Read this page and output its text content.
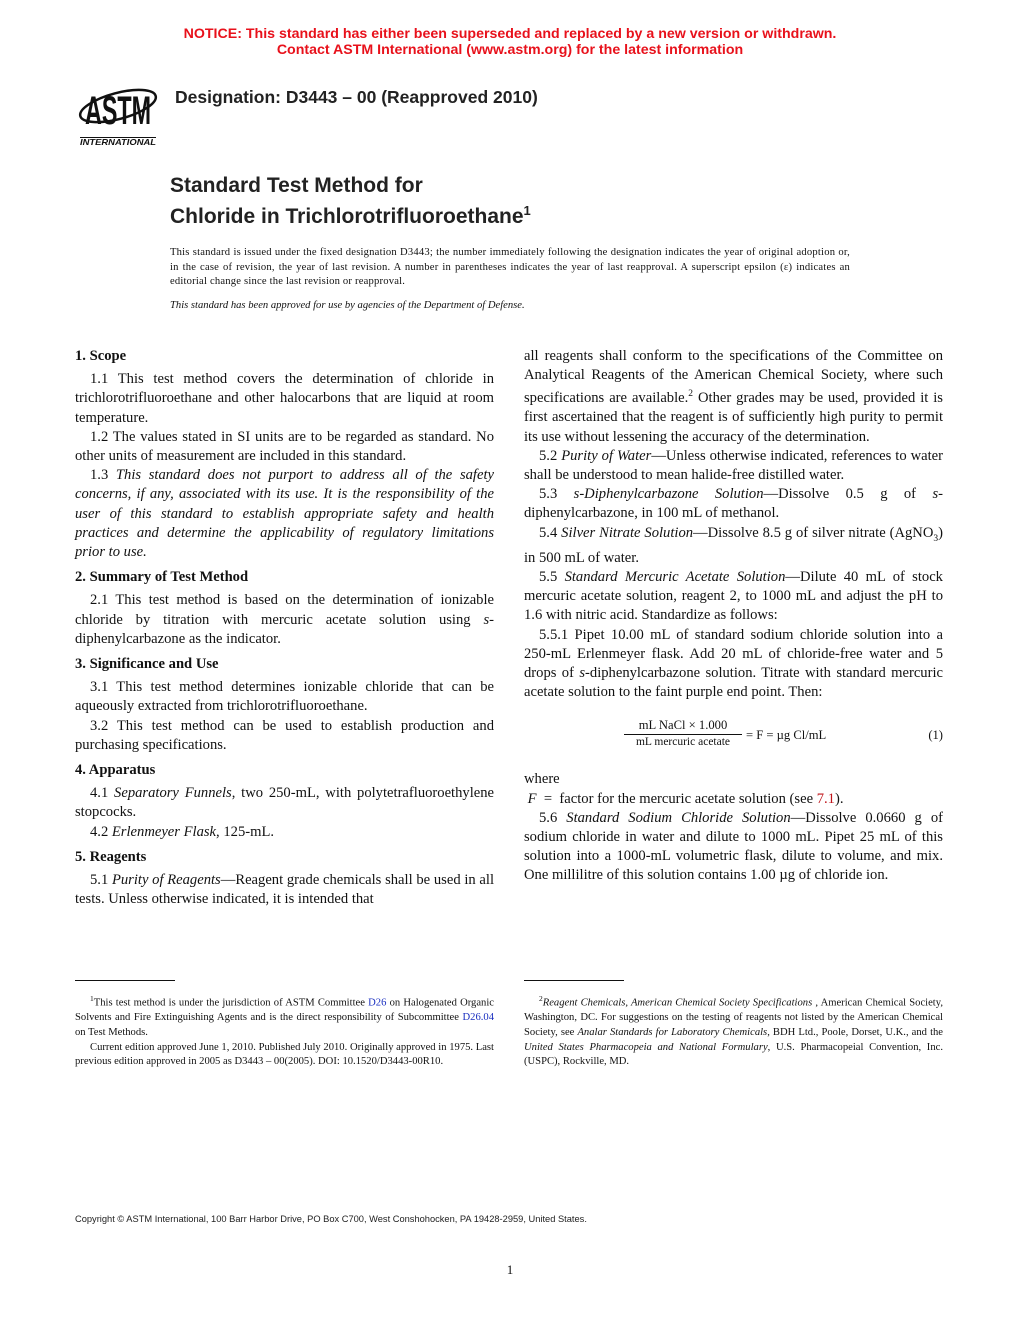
NOTICE: This standard has either been superseded and replaced by a new version or withdrawn.
Contact ASTM International (www.astm.org) for the latest information
ASTM
INTERNATIONAL
Designation: D3443 – 00 (Reapproved 2010)
Standard Test Method for
Chloride in Trichlorotrifluoroethane$^1$
This standard is issued under the fixed designation D3443; the number immediately following the designation indicates the year of original adoption or, in the case of revision, the year of last revision. A number in parentheses indicates the year of last reapproval. A superscript epsilon (ε) indicates an editorial change since the last revision or reapproval.
This standard has been approved for use by agencies of the Department of Defense.
1. Scope

1.1 This test method covers the determination of chloride in trichlorotrifluoroethane and other halocarbons that are liquid at room temperature.

1.2 The values stated in SI units are to be regarded as standard. No other units of measurement are included in this standard.

1.3 This standard does not purport to address all of the safety concerns, if any, associated with its use. It is the responsibility of the user of this standard to establish appropriate safety and health practices and determine the applicability of regulatory limitations prior to use.

2. Summary of Test Method

2.1 This test method is based on the determination of ionizable chloride by titration with mercuric acetate solution using s-diphenylcarbazone as the indicator.

3. Significance and Use

3.1 This test method determines ionizable chloride that can be aqueously extracted from trichlorotrifluoroethane.

3.2 This test method can be used to establish production and purchasing specifications.

4. Apparatus

4.1 Separatory Funnels, two 250-mL, with polytetrafluoroethylene stopcocks.

4.2 Erlenmeyer Flask, 125-mL.

5. Reagents

5.1 Purity of Reagents—Reagent grade chemicals shall be used in all tests. Unless otherwise indicated, it is intended that

all reagents shall conform to the specifications of the Committee on Analytical Reagents of the American Chemical Society, where such specifications are available.$^2$ Other grades may be used, provided it is first ascertained that the reagent is of sufficiently high purity to permit its use without lessening the accuracy of the determination.

5.2 Purity of Water—Unless otherwise indicated, references to water shall be understood to mean halide-free distilled water.

5.3 s-Diphenylcarbazone Solution—Dissolve 0.5 g of s-diphenylcarbazone, in 100 mL of methanol.

5.4 Silver Nitrate Solution—Dissolve 8.5 g of silver nitrate (AgNO$_3$) in 500 mL of water.

5.5 Standard Mercuric Acetate Solution—Dilute 40 mL of stock mercuric acetate solution, reagent 2, to 1000 mL and adjust the pH to 1.6 with nitric acid. Standardize as follows:

5.5.1 Pipet 10.00 mL of standard sodium chloride solution into a 250-mL Erlenmeyer flask. Add 20 mL of chloride-free water and 5 drops of s-diphenylcarbazone solution. Titrate with standard mercuric acetate solution to the faint purple end point. Then:

mL NaCl × 1.000
mL mercuric acetate	= F = µg Cl/mL	(1)
where
F = factor for the mercuric acetate solution (see 7.1).

5.6 Standard Sodium Chloride Solution—Dissolve 0.0660 g of sodium chloride in water and dilute to 1000 mL. Pipet 25 mL of this solution into a 1000-mL volumetric flask, dilute to volume, and mix. One millilitre of this solution contains 1.00 µg of chloride ion.

$^1$This test method is under the jurisdiction of ASTM Committee D26 on Halogenated Organic Solvents and Fire Extinguishing Agents and is the direct responsibility of Subcommittee D26.04 on Test Methods.

Current edition approved June 1, 2010. Published July 2010. Originally approved in 1975. Last previous edition approved in 2005 as D3443 – 00(2005). DOI: 10.1520/D3443-00R10.

$^2$Reagent Chemicals, American Chemical Society Specifications , American Chemical Society, Washington, DC. For suggestions on the testing of reagents not listed by the American Chemical Society, see Analar Standards for Laboratory Chemicals, BDH Ltd., Poole, Dorset, U.K., and the United States Pharmacopeia and National Formulary, U.S. Pharmacopeial Convention, Inc. (USPC), Rockville, MD.

Copyright © ASTM International, 100 Barr Harbor Drive, PO Box C700, West Conshohocken, PA 19428-2959, United States.
1
